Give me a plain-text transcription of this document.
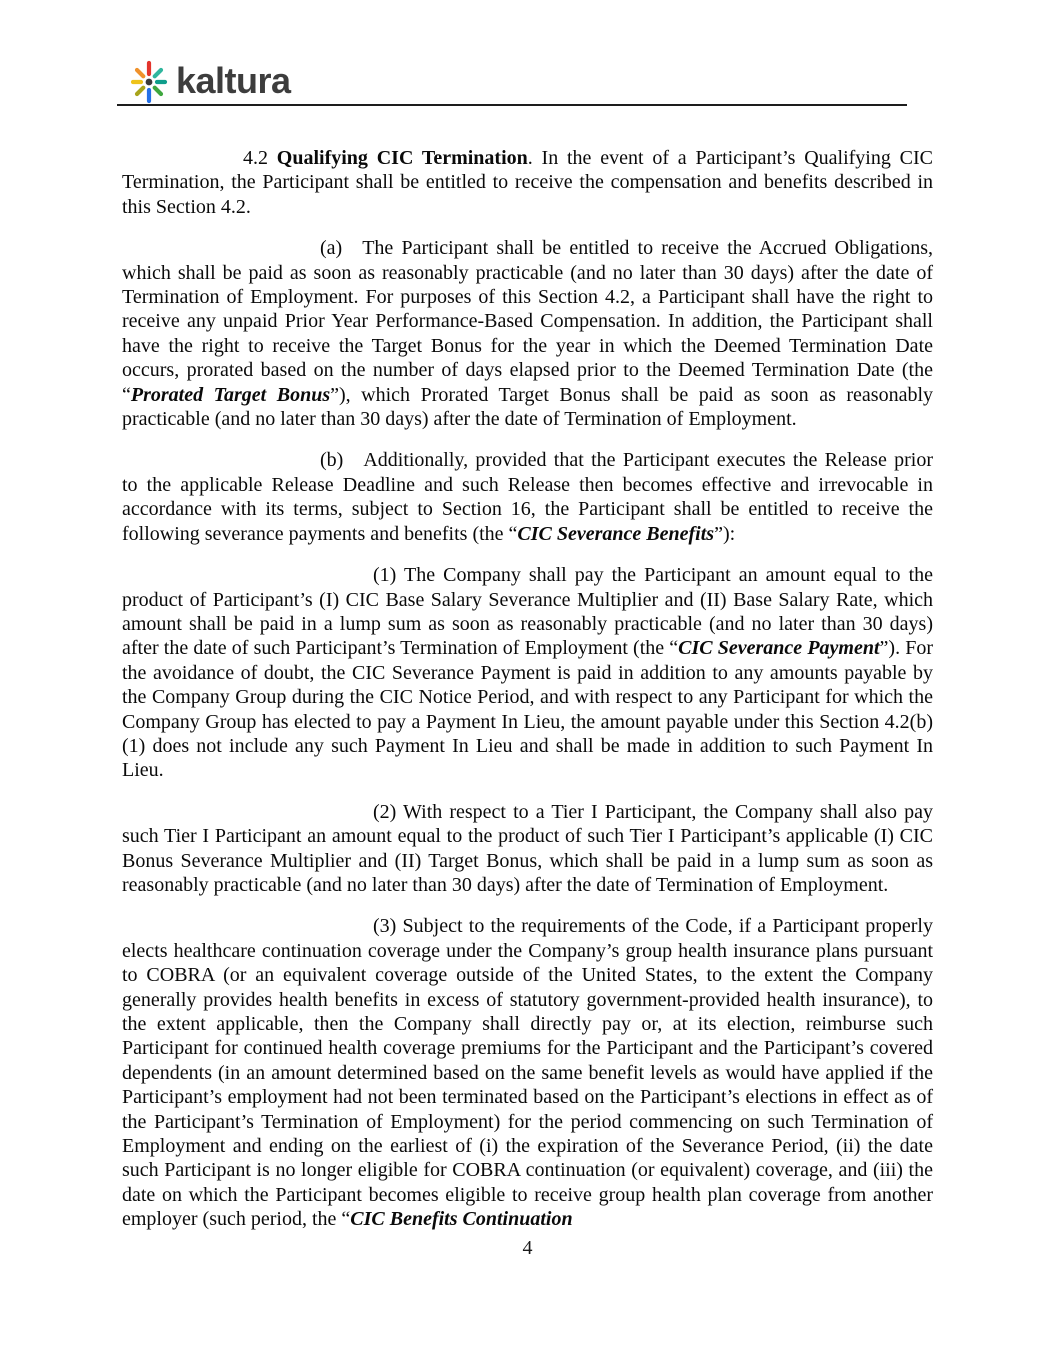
kaltura

4.2 Qualifying CIC Termination. In the event of a Participant’s Qualifying CIC Termination, the Participant shall be entitled to receive the compensation and benefits described in this Section 4.2.

(a) The Participant shall be entitled to receive the Accrued Obligations, which shall be paid as soon as reasonably practicable (and no later than 30 days) after the date of Termination of Employment. For purposes of this Section 4.2, a Participant shall have the right to receive any unpaid Prior Year Performance-Based Compensation. In addition, the Participant shall have the right to receive the Target Bonus for the year in which the Deemed Termination Date occurs, prorated based on the number of days elapsed prior to the Deemed Termination Date (the “Prorated Target Bonus”), which Prorated Target Bonus shall be paid as soon as reasonably practicable (and no later than 30 days) after the date of Termination of Employment.

(b) Additionally, provided that the Participant executes the Release prior to the applicable Release Deadline and such Release then becomes effective and irrevocable in accordance with its terms, subject to Section 16, the Participant shall be entitled to receive the following severance payments and benefits (the “CIC Severance Benefits”):

(1) The Company shall pay the Participant an amount equal to the product of Participant’s (I) CIC Base Salary Severance Multiplier and (II) Base Salary Rate, which amount shall be paid in a lump sum as soon as reasonably practicable (and no later than 30 days) after the date of such Participant’s Termination of Employment (the “CIC Severance Payment”). For the avoidance of doubt, the CIC Severance Payment is paid in addition to any amounts payable by the Company Group during the CIC Notice Period, and with respect to any Participant for which the Company Group has elected to pay a Payment In Lieu, the amount payable under this Section 4.2(b)(1) does not include any such Payment In Lieu and shall be made in addition to such Payment In Lieu.

(2) With respect to a Tier I Participant, the Company shall also pay such Tier I Participant an amount equal to the product of such Tier I Participant’s applicable (I) CIC Bonus Severance Multiplier and (II) Target Bonus, which shall be paid in a lump sum as soon as reasonably practicable (and no later than 30 days) after the date of Termination of Employment.

(3) Subject to the requirements of the Code, if a Participant properly elects healthcare continuation coverage under the Company’s group health insurance plans pursuant to COBRA (or an equivalent coverage outside of the United States, to the extent the Company generally provides health benefits in excess of statutory government-provided health insurance), to the extent applicable, then the Company shall directly pay or, at its election, reimburse such Participant for continued health coverage premiums for the Participant and the Participant’s covered dependents (in an amount determined based on the same benefit levels as would have applied if the Participant’s employment had not been terminated based on the Participant’s elections in effect as of the Participant’s Termination of Employment) for the period commencing on such Termination of Employment and ending on the earliest of (i) the expiration of the Severance Period, (ii) the date such Participant is no longer eligible for COBRA continuation (or equivalent) coverage, and (iii) the date on which the Participant becomes eligible to receive group health plan coverage from another employer (such period, the “CIC Benefits Continuation

4
